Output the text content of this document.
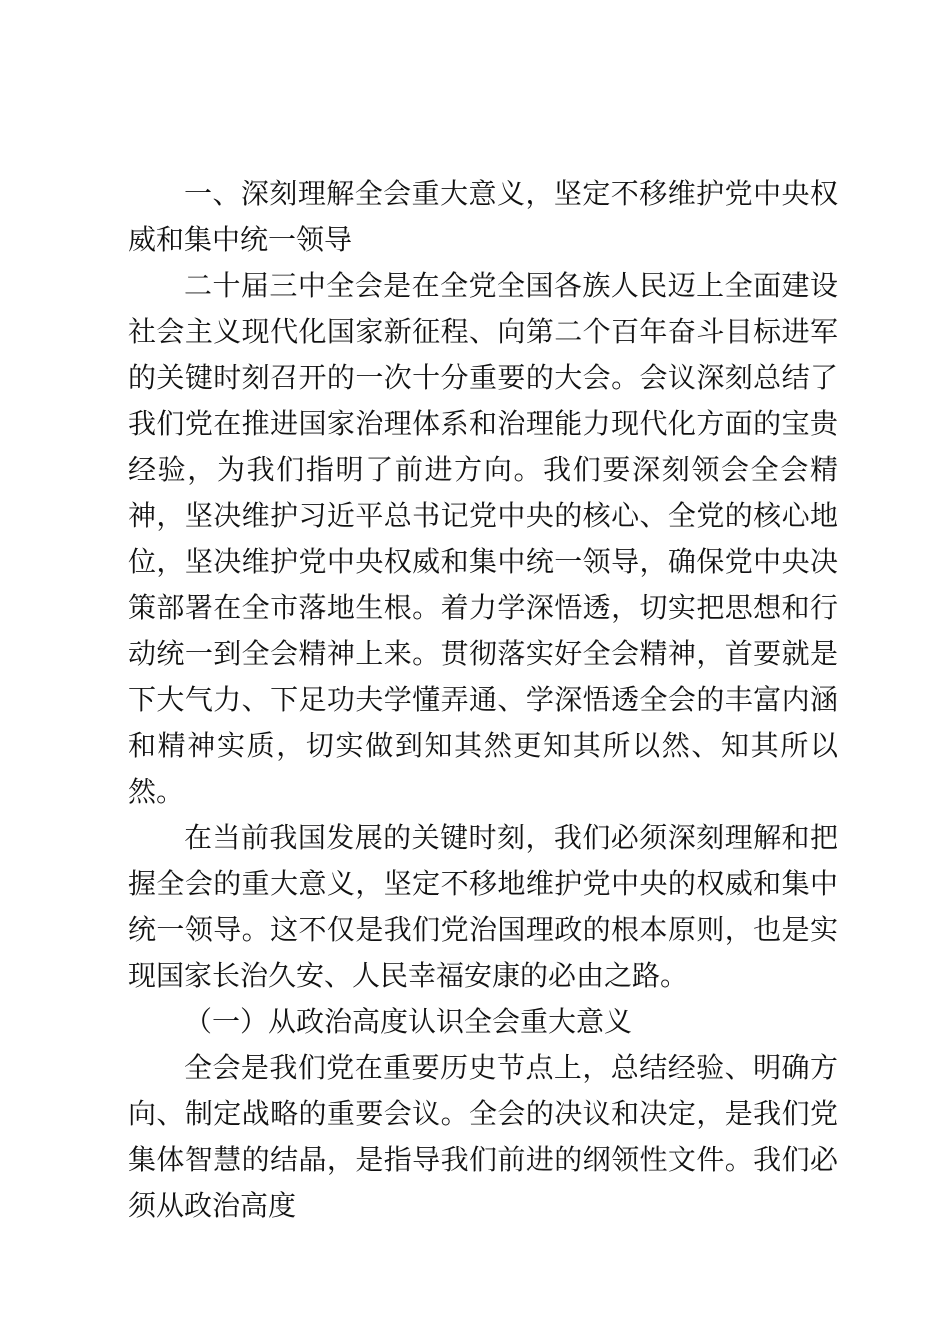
一、深刻理解全会重大意义，坚定不移维护党中央权威和集中统一领导

二十届三中全会是在全党全国各族人民迈上全面建设社会主义现代化国家新征程、向第二个百年奋斗目标进军的关键时刻召开的一次十分重要的大会。会议深刻总结了我们党在推进国家治理体系和治理能力现代化方面的宝贵经验，为我们指明了前进方向。我们要深刻领会全会精神，坚决维护习近平总书记党中央的核心、全党的核心地位，坚决维护党中央权威和集中统一领导，确保党中央决策部署在全市落地生根。着力学深悟透，切实把思想和行动统一到全会精神上来。贯彻落实好全会精神，首要就是下大气力、下足功夫学懂弄通、学深悟透全会的丰富内涵和精神实质，切实做到知其然更知其所以然、知其所以然。

在当前我国发展的关键时刻，我们必须深刻理解和把握全会的重大意义，坚定不移地维护党中央的权威和集中统一领导。这不仅是我们党治国理政的根本原则，也是实现国家长治久安、人民幸福安康的必由之路。

（一）从政治高度认识全会重大意义

全会是我们党在重要历史节点上，总结经验、明确方向、制定战略的重要会议。全会的决议和决定，是我们党集体智慧的结晶，是指导我们前进的纲领性文件。我们必须从政治高度
